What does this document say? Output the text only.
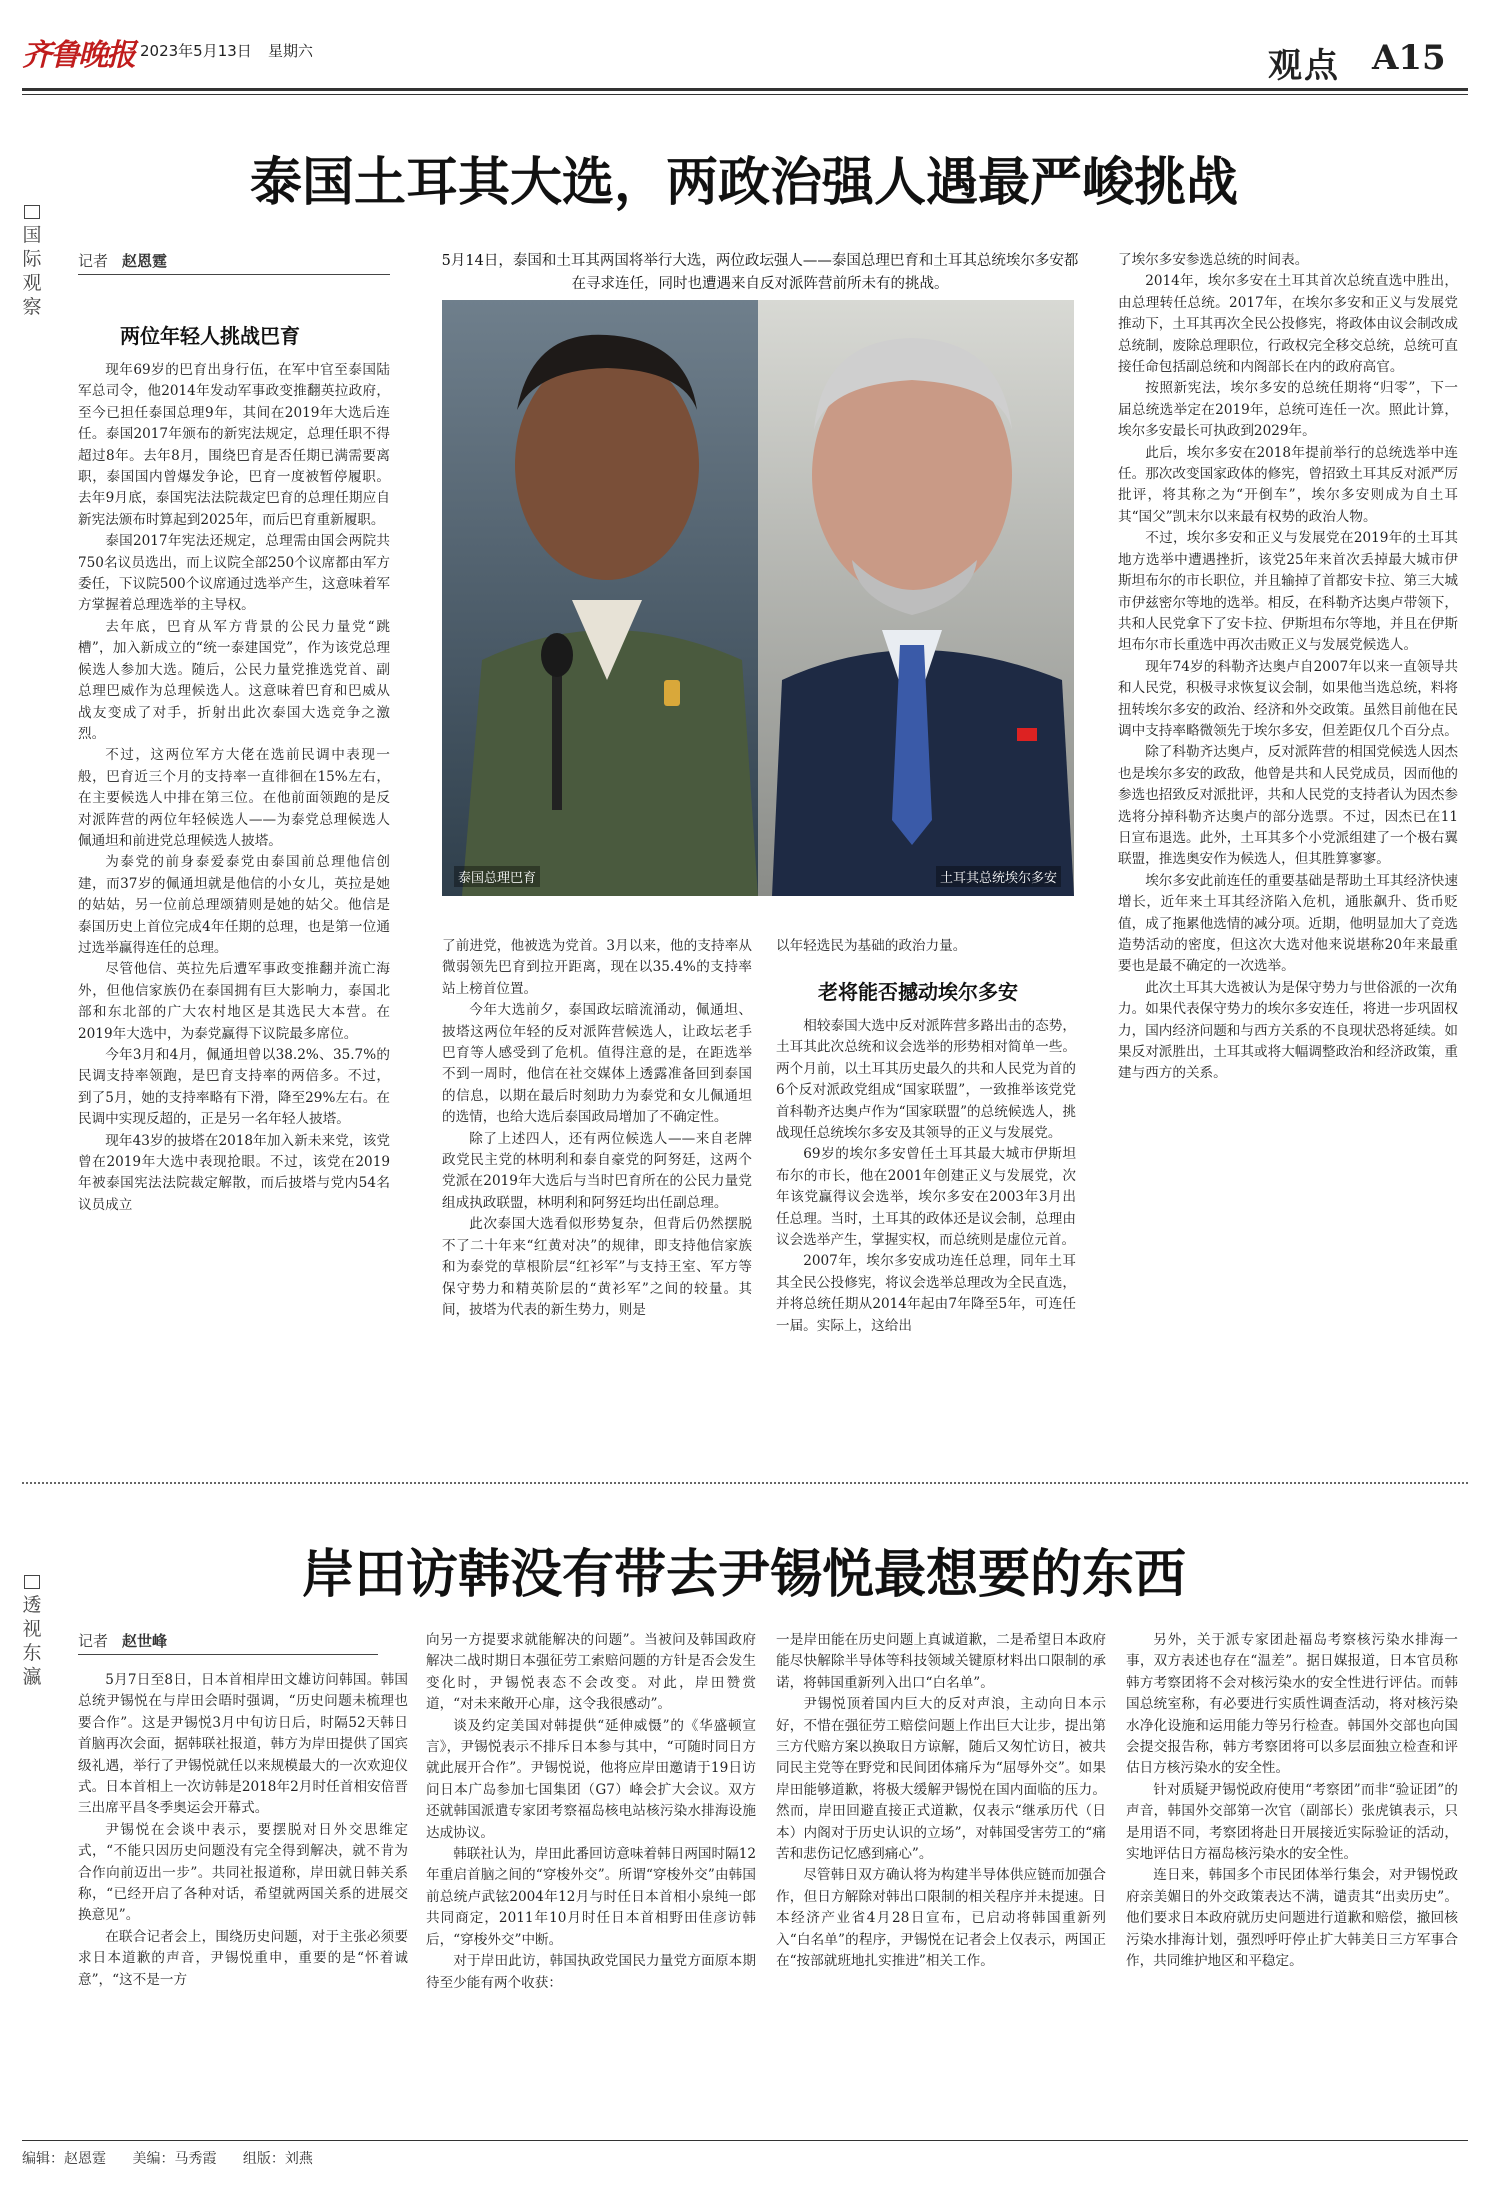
齐鲁晚报 2023年5月13日 星期六	观点 A15
泰国土耳其大选，两政治强人遇最严峻挑战
国际观察
记者 赵恩霆	5月14日，泰国和土耳其两国将举行大选，两位政坛强人——泰国总理巴育和土耳其总统埃尔多安都在寻求连任，同时也遭遇来自反对派阵营前所未有的挑战。
两位年轻人挑战巴育

现年69岁的巴育出身行伍，在军中官至泰国陆军总司令，他2014年发动军事政变推翻英拉政府，至今已担任泰国总理9年，其间在2019年大选后连任。泰国2017年颁布的新宪法规定，总理任职不得超过8年。去年8月，围绕巴育是否任期已满需要离职，泰国国内曾爆发争论，巴育一度被暂停履职。去年9月底，泰国宪法法院裁定巴育的总理任期应自新宪法颁布时算起到2025年，而后巴育重新履职。

泰国2017年宪法还规定，总理需由国会两院共750名议员选出，而上议院全部250个议席都由军方委任，下议院500个议席通过选举产生，这意味着军方掌握着总理选举的主导权。

去年底，巴育从军方背景的公民力量党“跳槽”，加入新成立的“统一泰建国党”，作为该党总理候选人参加大选。随后，公民力量党推选党首、副总理巴威作为总理候选人。这意味着巴育和巴威从战友变成了对手，折射出此次泰国大选竞争之激烈。

不过，这两位军方大佬在选前民调中表现一般，巴育近三个月的支持率一直徘徊在15%左右，在主要候选人中排在第三位。在他前面领跑的是反对派阵营的两位年轻候选人——为泰党总理候选人佩通坦和前进党总理候选人披塔。

为泰党的前身泰爱泰党由泰国前总理他信创建，而37岁的佩通坦就是他信的小女儿，英拉是她的姑姑，另一位前总理颂猜则是她的姑父。他信是泰国历史上首位完成4年任期的总理，也是第一位通过选举赢得连任的总理。

尽管他信、英拉先后遭军事政变推翻并流亡海外，但他信家族仍在泰国拥有巨大影响力，泰国北部和东北部的广大农村地区是其选民大本营。在2019年大选中，为泰党赢得下议院最多席位。

今年3月和4月，佩通坦曾以38.2%、35.7%的民调支持率领跑，是巴育支持率的两倍多。不过，到了5月，她的支持率略有下滑，降至29%左右。在民调中实现反超的，正是另一名年轻人披塔。

现年43岁的披塔在2018年加入新未来党，该党曾在2019年大选中表现抢眼。不过，该党在2019年被泰国宪法法院裁定解散，而后披塔与党内54名议员成立

泰国总理巴育	土耳其总统埃尔多安

了前进党，他被选为党首。3月以来，他的支持率从微弱领先巴育到拉开距离，现在以35.4%的支持率站上榜首位置。

今年大选前夕，泰国政坛暗流涌动，佩通坦、披塔这两位年轻的反对派阵营候选人，让政坛老手巴育等人感受到了危机。值得注意的是，在距选举不到一周时，他信在社交媒体上透露准备回到泰国的信息，以期在最后时刻助力为泰党和女儿佩通坦的选情，也给大选后泰国政局增加了不确定性。

除了上述四人，还有两位候选人——来自老牌政党民主党的林明利和泰自豪党的阿努廷，这两个党派在2019年大选后与当时巴育所在的公民力量党组成执政联盟，林明利和阿努廷均出任副总理。

此次泰国大选看似形势复杂，但背后仍然摆脱不了二十年来“红黄对决”的规律，即支持他信家族和为泰党的草根阶层“红衫军”与支持王室、军方等保守势力和精英阶层的“黄衫军”之间的较量。其间，披塔为代表的新生势力，则是

以年轻选民为基础的政治力量。

老将能否撼动埃尔多安

相较泰国大选中反对派阵营多路出击的态势，土耳其此次总统和议会选举的形势相对简单一些。两个月前，以土耳其历史最久的共和人民党为首的6个反对派政党组成“国家联盟”，一致推举该党党首科勒齐达奥卢作为“国家联盟”的总统候选人，挑战现任总统埃尔多安及其领导的正义与发展党。

69岁的埃尔多安曾任土耳其最大城市伊斯坦布尔的市长，他在2001年创建正义与发展党，次年该党赢得议会选举，埃尔多安在2003年3月出任总理。当时，土耳其的政体还是议会制，总理由议会选举产生，掌握实权，而总统则是虚位元首。

2007年，埃尔多安成功连任总理，同年土耳其全民公投修宪，将议会选举总理改为全民直选，并将总统任期从2014年起由7年降至5年，可连任一届。实际上，这给出

了埃尔多安参选总统的时间表。

2014年，埃尔多安在土耳其首次总统直选中胜出，由总理转任总统。2017年，在埃尔多安和正义与发展党推动下，土耳其再次全民公投修宪，将政体由议会制改成总统制，废除总理职位，行政权完全移交总统，总统可直接任命包括副总统和内阁部长在内的政府高官。

按照新宪法，埃尔多安的总统任期将“归零”，下一届总统选举定在2019年，总统可连任一次。照此计算，埃尔多安最长可执政到2029年。

此后，埃尔多安在2018年提前举行的总统选举中连任。那次改变国家政体的修宪，曾招致土耳其反对派严厉批评，将其称之为“开倒车”，埃尔多安则成为自土耳其“国父”凯末尔以来最有权势的政治人物。

不过，埃尔多安和正义与发展党在2019年的土耳其地方选举中遭遇挫折，该党25年来首次丢掉最大城市伊斯坦布尔的市长职位，并且输掉了首都安卡拉、第三大城市伊兹密尔等地的选举。相反，在科勒齐达奥卢带领下，共和人民党拿下了安卡拉、伊斯坦布尔等地，并且在伊斯坦布尔市长重选中再次击败正义与发展党候选人。

现年74岁的科勒齐达奥卢自2007年以来一直领导共和人民党，积极寻求恢复议会制，如果他当选总统，料将扭转埃尔多安的政治、经济和外交政策。虽然目前他在民调中支持率略微领先于埃尔多安，但差距仅几个百分点。

除了科勒齐达奥卢，反对派阵营的相国党候选人因杰也是埃尔多安的政敌，他曾是共和人民党成员，因而他的参选也招致反对派批评，共和人民党的支持者认为因杰参选将分掉科勒齐达奥卢的部分选票。不过，因杰已在11日宣布退选。此外，土耳其多个小党派组建了一个极右翼联盟，推选奥安作为候选人，但其胜算寥寥。

埃尔多安此前连任的重要基础是帮助土耳其经济快速增长，近年来土耳其经济陷入危机，通胀飙升、货币贬值，成了拖累他选情的减分项。近期，他明显加大了竞选造势活动的密度，但这次大选对他来说堪称20年来最重要也是最不确定的一次选举。

此次土耳其大选被认为是保守势力与世俗派的一次角力。如果代表保守势力的埃尔多安连任，将进一步巩固权力，国内经济问题和与西方关系的不良现状恐将延续。如果反对派胜出，土耳其或将大幅调整政治和经济政策，重建与西方的关系。

岸田访韩没有带去尹锡悦最想要的东西
透视东瀛
记者 赵世峰

5月7日至8日，日本首相岸田文雄访问韩国。韩国总统尹锡悦在与岸田会晤时强调，“历史问题未梳理也要合作”。这是尹锡悦3月中旬访日后，时隔52天韩日首脑再次会面，据韩联社报道，韩方为岸田提供了国宾级礼遇，举行了尹锡悦就任以来规模最大的一次欢迎仪式。日本首相上一次访韩是2018年2月时任首相安倍晋三出席平昌冬季奥运会开幕式。

尹锡悦在会谈中表示，要摆脱对日外交思维定式，“不能只因历史问题没有完全得到解决，就不肯为合作向前迈出一步”。共同社报道称，岸田就日韩关系称，“已经开启了各种对话，希望就两国关系的进展交换意见”。

在联合记者会上，围绕历史问题，对于主张必须要求日本道歉的声音，尹锡悦重申，重要的是“怀着诚意”，“这不是一方

向另一方提要求就能解决的问题”。当被问及韩国政府解决二战时期日本强征劳工索赔问题的方针是否会发生变化时，尹锡悦表态不会改变。对此，岸田赞赏道，“对未来敞开心扉，这令我很感动”。

谈及约定美国对韩提供“延伸威慑”的《华盛顿宣言》，尹锡悦表示不排斥日本参与其中，“可随时同日方就此展开合作”。尹锡悦说，他将应岸田邀请于19日访问日本广岛参加七国集团（G7）峰会扩大会议。双方还就韩国派遣专家团考察福岛核电站核污染水排海设施达成协议。

韩联社认为，岸田此番回访意味着韩日两国时隔12年重启首脑之间的“穿梭外交”。所谓“穿梭外交”由韩国前总统卢武铉2004年12月与时任日本首相小泉纯一郎共同商定，2011年10月时任日本首相野田佳彦访韩后，“穿梭外交”中断。

对于岸田此访，韩国执政党国民力量党方面原本期待至少能有两个收获：

一是岸田能在历史问题上真诚道歉，二是希望日本政府能尽快解除半导体等科技领域关键原材料出口限制的承诺，将韩国重新列入出口“白名单”。

尹锡悦顶着国内巨大的反对声浪，主动向日本示好，不惜在强征劳工赔偿问题上作出巨大让步，提出第三方代赔方案以换取日方谅解，随后又匆忙访日，被共同民主党等在野党和民间团体痛斥为“屈辱外交”。如果岸田能够道歉，将极大缓解尹锡悦在国内面临的压力。然而，岸田回避直接正式道歉，仅表示“继承历代（日本）内阁对于历史认识的立场”，对韩国受害劳工的“痛苦和悲伤记忆感到痛心”。

尽管韩日双方确认将为构建半导体供应链而加强合作，但日方解除对韩出口限制的相关程序并未提速。日本经济产业省4月28日宣布，已启动将韩国重新列入“白名单”的程序，尹锡悦在记者会上仅表示，两国正在“按部就班地扎实推进”相关工作。

另外，关于派专家团赴福岛考察核污染水排海一事，双方表述也存在“温差”。据日媒报道，日本官员称韩方考察团将不会对核污染水的安全性进行评估。而韩国总统室称，有必要进行实质性调查活动，将对核污染水净化设施和运用能力等另行检查。韩国外交部也向国会提交报告称，韩方考察团将可以多层面独立检查和评估日方核污染水的安全性。

针对质疑尹锡悦政府使用“考察团”而非“验证团”的声音，韩国外交部第一次官（副部长）张虎镇表示，只是用语不同，考察团将赴日开展接近实际验证的活动，实地评估日方福岛核污染水的安全性。

连日来，韩国多个市民团体举行集会，对尹锡悦政府亲美媚日的外交政策表达不满，谴责其“出卖历史”。他们要求日本政府就历史问题进行道歉和赔偿，撤回核污染水排海计划，强烈呼吁停止扩大韩美日三方军事合作，共同维护地区和平稳定。

编辑：赵恩霆 美编：马秀霞 组版：刘燕
